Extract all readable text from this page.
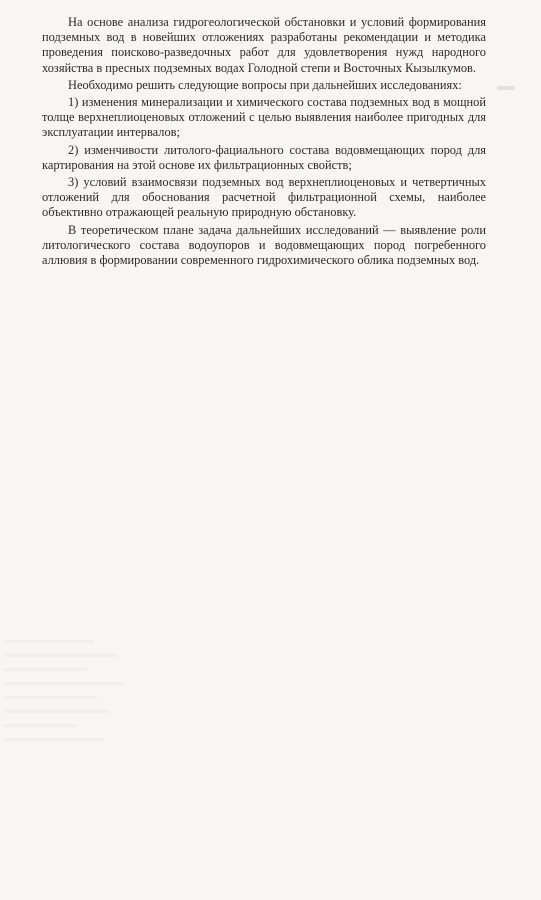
На основе анализа гидрогеологической обстановки и условий формирования подземных вод в новейших отложениях разработаны рекомендации и методика проведения поисково-разведочных работ для удовлетворения нужд народного хозяйства в пресных подземных водах Голодной степи и Восточных Кызылкумов.

Необходимо решить следующие вопросы при дальнейших исследованиях:

1) изменения минерализации и химического состава подземных вод в мощной толще верхнеплиоценовых отложений с целью выявления наиболее пригодных для эксплуатации интервалов;

2) изменчивости литолого-фациального состава водовмещающих пород для картирования на этой основе их фильтрационных свойств;

3) условий взаимосвязи подземных вод верхнеплиоценовых и четвертичных отложений для обоснования расчетной фильтрационной схемы, наиболее объективно отражающей реальную природную обстановку.

В теоретическом плане задача дальнейших исследований — выявление роли литологического состава водоупоров и водовмещающих пород погребенного аллювия в формировании современного гидрохимического облика подземных вод.
